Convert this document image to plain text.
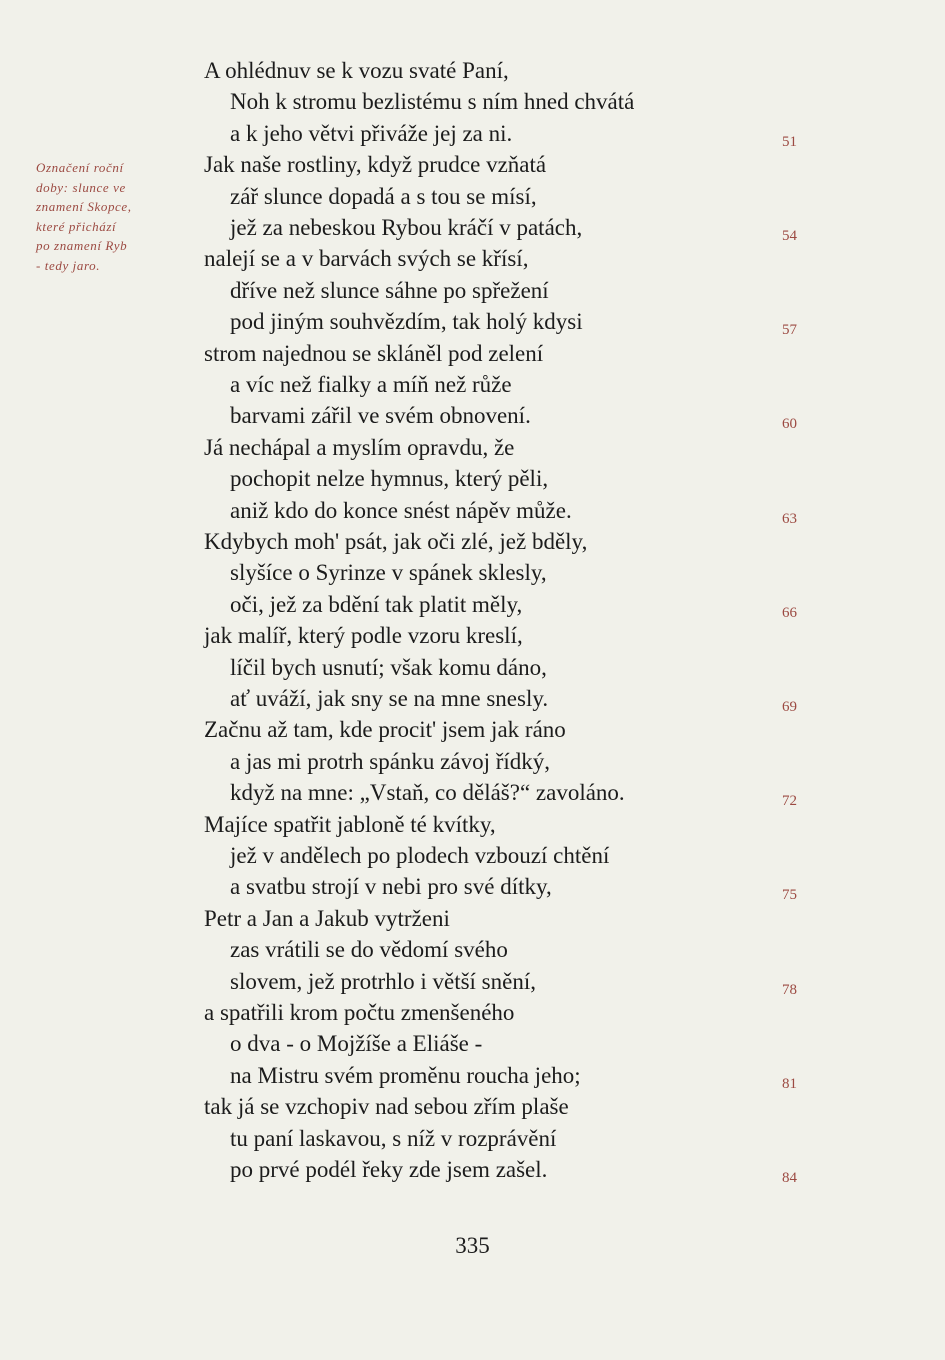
Označení roční
doby: slunce ve
znamení Skopce,
které přichází
po znamení Ryb
- tedy jaro.
A ohlédnuv se k vozu svaté Paní,
Noh k stromu bezlistému s ním hned chvátá
a k jeho větvi přiváže jej za ni.
Jak naše rostliny, když prudce vzňatá
zář slunce dopadá a s tou se mísí,
jež za nebeskou Rybou kráčí v patách,
nalejí se a v barvách svých se křísí,
dříve než slunce sáhne po spřežení
pod jiným souhvězdím, tak holý kdysi
strom najednou se skláněl pod zelení
a víc než fialky a míň než růže
barvami zářil ve svém obnovení.
Já nechápal a myslím opravdu, že
pochopit nelze hymnus, který pěli,
aniž kdo do konce snést nápěv může.
Kdybych moh' psát, jak oči zlé, jež bděly,
slyšíce o Syrinze v spánek sklesly,
oči, jež za bdění tak platit měly,
jak malíř, který podle vzoru kreslí,
líčil bych usnutí; však komu dáno,
ať uváží, jak sny se na mne snesly.
Začnu až tam, kde procit' jsem jak ráno
a jas mi protrh spánku závoj řídký,
když na mne: „Vstaň, co děláš?“ zavoláno.
Majíce spatřit jabloně té kvítky,
jež v andělech po plodech vzbouzí chtění
a svatbu strojí v nebi pro své dítky,
Petr a Jan a Jakub vytrženi
zas vrátili se do vědomí svého
slovem, jež protrhlo i větší snění,
a spatřili krom počtu zmenšeného
o dva - o Mojžíše a Eliáše -
na Mistru svém proměnu roucha jeho;
tak já se vzchopiv nad sebou zřím plaše
tu paní laskavou, s níž v rozprávění
po prvé podél řeky zde jsem zašel.
51
54
57
60
63
66
69
72
75
78
81
84
335
